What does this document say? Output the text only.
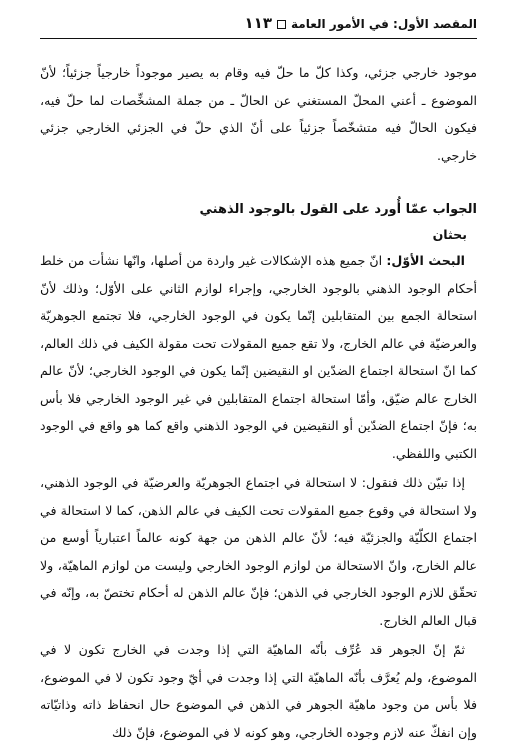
المقصد الأول: في الأمور العامة١١٣

موجود خارجي جزئي، وكذا كلّ ما حلّ فيه وقام به يصير موجوداً خارجياً جزئياً؛ لأنّ الموضوع ـ أعني المحلّ المستغني عن الحالّ ـ من جملة المشخِّصات لما حلّ فيه، فيكون الحالّ فيه متشخّصاً جزئياً على أنّ الذي حلّ في الجزئي الخارجي جزئي خارجي.

الجواب عمّا أُورد على القول بالوجود الذهني
بحثان

البحث الأوّل: انّ جميع هذه الإشكالات غير واردة من أصلها، وانّها نشأت من خلط أحكام الوجود الذهني بالوجود الخارجي، وإجراء لوازم الثاني على الأوّل؛ وذلك لأنّ استحالة الجمع بين المتقابلين إنّما يكون في الوجود الخارجي، فلا تجتمع الجوهريّة والعرضيّة في عالم الخارج، ولا تقع جميع المقولات تحت مقولة الكيف في ذلك العالم، كما انّ استحالة اجتماع الضدّين او النقيضين إنّما يكون في الوجود الخارجي؛ لأنّ عالم الخارج عالم ضيّق، وأمّا استحالة اجتماع المتقابلين في غير الوجود الخارجي فلا بأس به؛ فإنّ اجتماع الضدّين أو النقيضين في الوجود الذهني واقع كما هو واقع في الوجود الكتبي واللفظي.

إذا تبيّن ذلك فنقول: لا استحالة في اجتماع الجوهريّة والعرضيّة في الوجود الذهني، ولا استحالة في وقوع جميع المقولات تحت الكيف في عالم الذهن، كما لا استحالة في اجتماع الكلّيّة والجزئيّة فيه؛ لأنّ عالم الذهن من جهة كونه عالماً اعتبارياً أوسع من عالم الخارج، وانّ الاستحالة من لوازم الوجود الخارجي وليست من لوازم الماهيّة، ولا تحقّق للازم الوجود الخارجي في الذهن؛ فإنّ عالم الذهن له أحكام تختصّ به، وإنّه في قبال العالم الخارج.

ثمّ إنّ الجوهر قد عُرِّف بأنّه الماهيّة التي إذا وجدت في الخارج تكون لا في الموضوع، ولم يُعرَّف بأنّه الماهيّة التي إذا وجدت في أيّ وجود تكون لا في الموضوع، فلا بأس من وجود ماهيّة الجوهر في الذهن في الموضوع حال انحفاظ ذاته وذاتيّاته وإن انفكّ عنه لازم وجوده الخارجي، وهو كونه لا في الموضوع، فإنّ ذلك
